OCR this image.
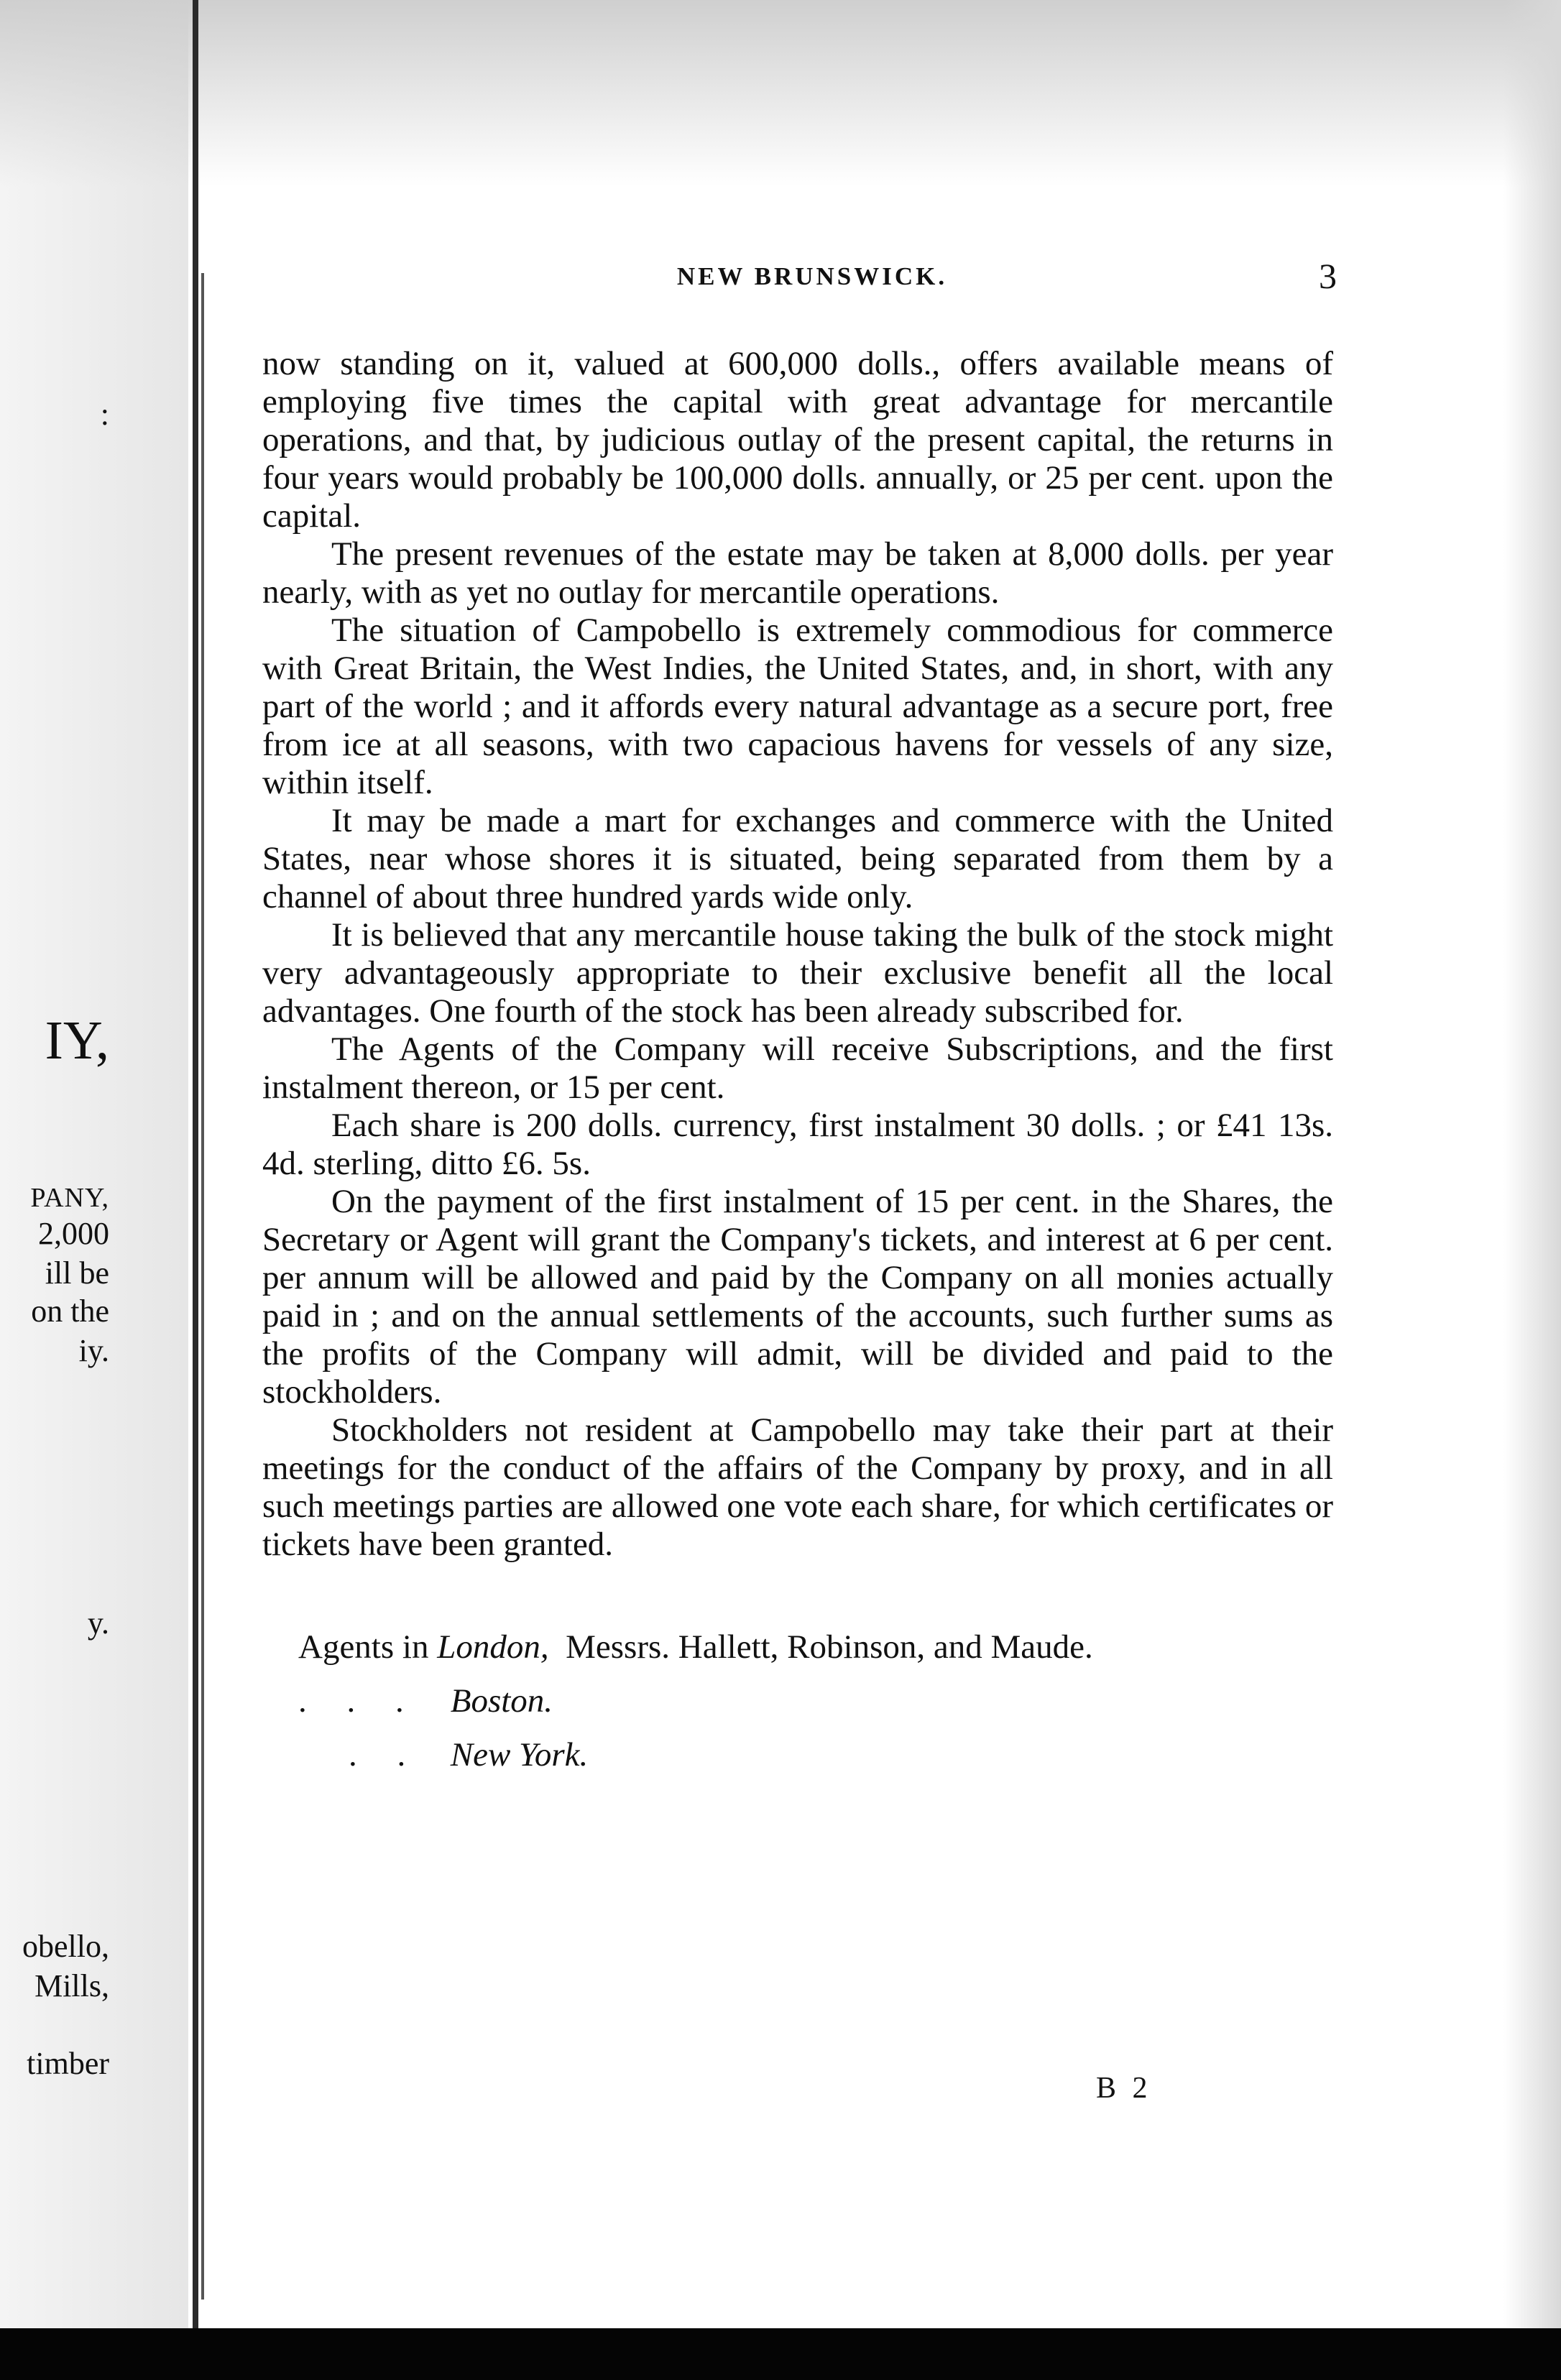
:
IY,
PANY,
2,000
ill be
on the
iy.
y.
obello,
Mills,
timber
NEW BRUNSWICK.	3

now standing on it, valued at 600,000 dolls., offers available means of employing five times the capital with great advantage for mercantile operations, and that, by judicious outlay of the present capital, the returns in four years would probably be 100,000 dolls. annually, or 25 per cent. upon the capital.

The present revenues of the estate may be taken at 8,000 dolls. per year nearly, with as yet no outlay for mercantile operations.

The situation of Campobello is extremely commodious for commerce with Great Britain, the West Indies, the United States, and, in short, with any part of the world ; and it affords every natural advantage as a secure port, free from ice at all seasons, with two capacious havens for vessels of any size, within itself.

It may be made a mart for exchanges and commerce with the United States, near whose shores it is situated, being separated from them by a channel of about three hundred yards wide only.

It is believed that any mercantile house taking the bulk of the stock might very advantageously appropriate to their exclusive benefit all the local advantages. One fourth of the stock has been already subscribed for.

The Agents of the Company will receive Subscriptions, and the first instalment thereon, or 15 per cent.

Each share is 200 dolls. currency, first instalment 30 dolls. ; or £41 13s. 4d. sterling, ditto £6. 5s.

On the payment of the first instalment of 15 per cent. in the Shares, the Secretary or Agent will grant the Company's tickets, and interest at 6 per cent. per annum will be allowed and paid by the Company on all monies actually paid in ; and on the annual settlements of the accounts, such further sums as the profits of the Company will admit, will be divided and paid to the stockholders.

Stockholders not resident at Campobello may take their part at their meetings for the conduct of the affairs of the Company by proxy, and in all such meetings parties are allowed one vote each share, for which certificates or tickets have been granted.

Agents in London, Messrs. Hallett, Robinson, and Maude.
. . . Boston.
. . New York.
B 2
